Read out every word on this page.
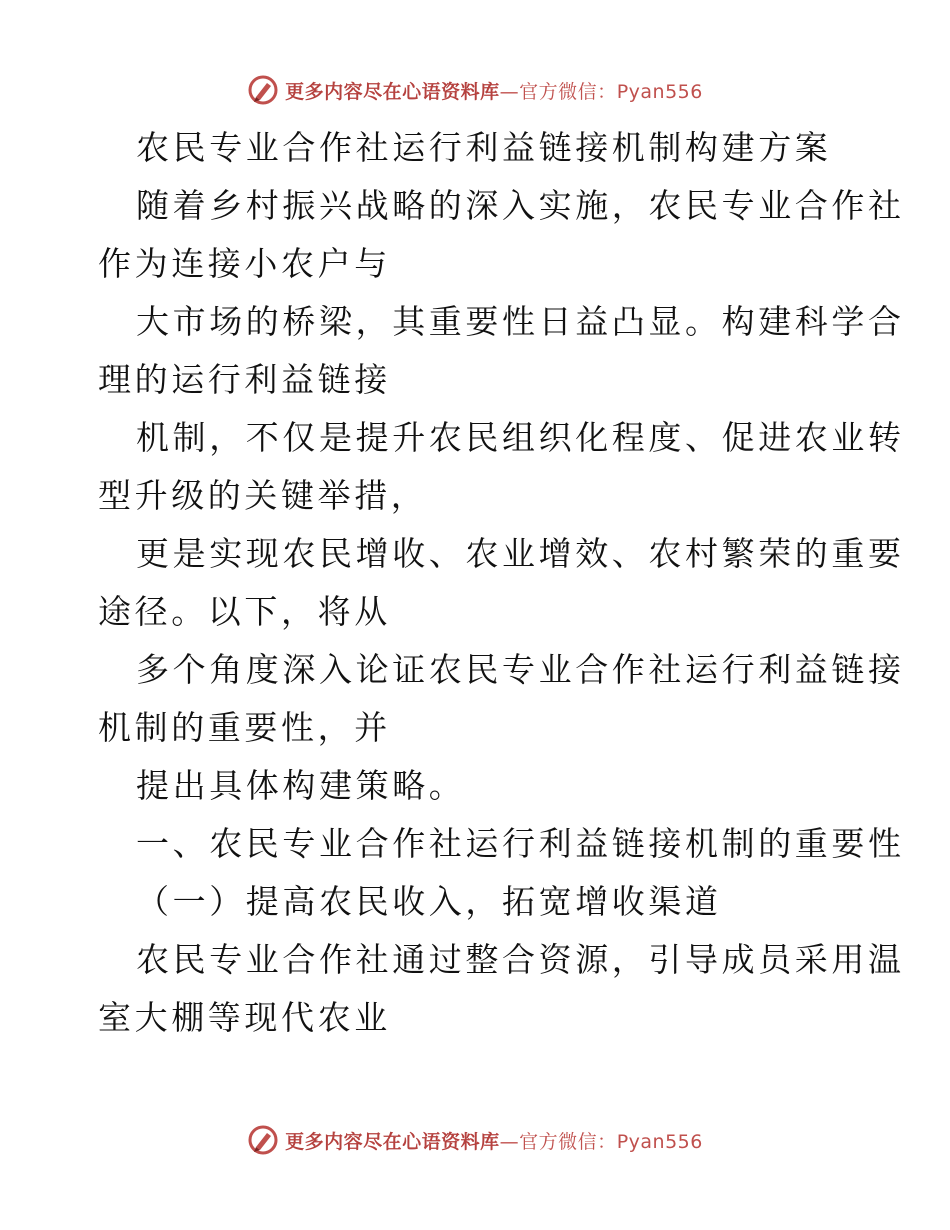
更多内容尽在心语资料库—官方微信：Pyan556
农民专业合作社运行利益链接机制构建方案
随着乡村振兴战略的深入实施，农民专业合作社
作为连接小农户与
大市场的桥梁，其重要性日益凸显。构建科学合
理的运行利益链接
机制，不仅是提升农民组织化程度、促进农业转
型升级的关键举措，
更是实现农民增收、农业增效、农村繁荣的重要
途径。以下，将从
多个角度深入论证农民专业合作社运行利益链接
机制的重要性，并
提出具体构建策略。
一、农民专业合作社运行利益链接机制的重要性
（一）提高农民收入，拓宽增收渠道
农民专业合作社通过整合资源，引导成员采用温
室大棚等现代农业
更多内容尽在心语资料库—官方微信：Pyan556
